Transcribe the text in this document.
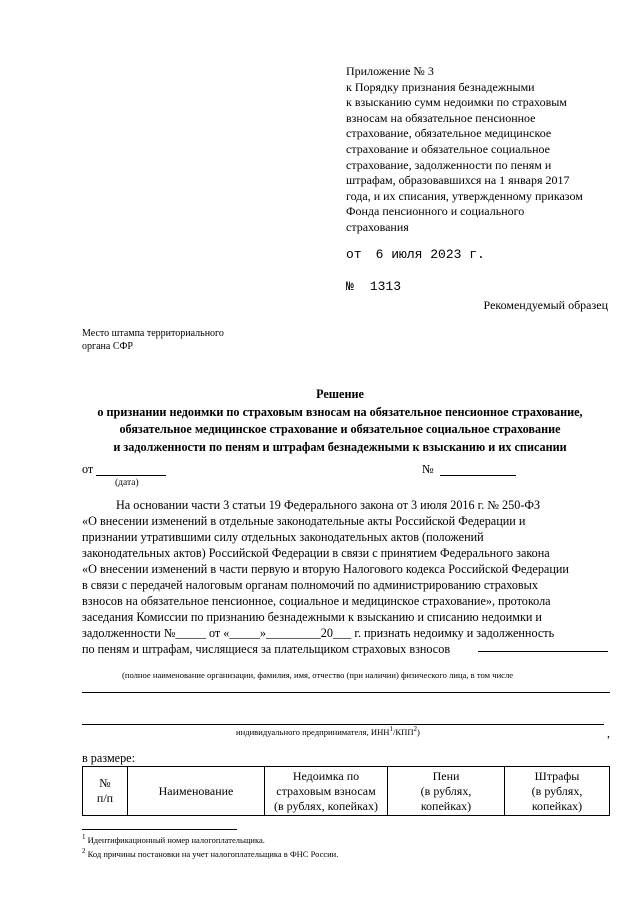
Приложение № 3
к Порядку признания безнадежными
к взысканию сумм недоимки по страховым
взносам на обязательное пенсионное
страхование, обязательное медицинское
страхование и обязательное социальное
страхование, задолженности по пеням и
штрафам, образовавшихся на 1 января 2017
года, и их списания, утвержденному приказом
Фонда пенсионного и социального
страхования
от 6 июля 2023 г.
№ 1313
Рекомендуемый образец
Место штампа территориального
органа СФР
Решение
о признании недоимки по страховым взносам на обязательное пенсионное страхование,
обязательное медицинское страхование и обязательное социальное страхование
и задолженности по пеням и штрафам безнадежными к взысканию и их списании
от
(дата)
№
На основании части 3 статьи 19 Федерального закона от 3 июля 2016 г. № 250-ФЗ
«О внесении изменений в отдельные законодательные акты Российской Федерации и
признании утратившими силу отдельных законодательных актов (положений
законодательных актов) Российской Федерации в связи с принятием Федерального закона
«О внесении изменений в части первую и вторую Налогового кодекса Российской Федерации
в связи с передачей налоговым органам полномочий по администрированию страховых
взносов на обязательное пенсионное, социальное и медицинское страхование», протокола
заседания Комиссии по признанию безнадежными к взысканию и списанию недоимки и
задолженности №_____ от «_____»_________20___ г. признать недоимку и задолженность
по пеням и штрафам, числящиеся за плательщиком страховых взносов
(полное наименование организации, фамилия, имя, отчество (при наличии) физического лица, в том числе
,
индивидуального предпринимателя, ИНН$^1$/КПП$^2$)
в размере:
№
п/п

Наименование

Недоимка по
страховым взносам
(в рублях, копейках)

Пени
(в рублях,
копейках)

Штрафы
(в рублях,
копейках)
$^1$ Идентификационный номер налогоплательщика.
$^2$ Код причины постановки на учет налогоплательщика в ФНС России.
